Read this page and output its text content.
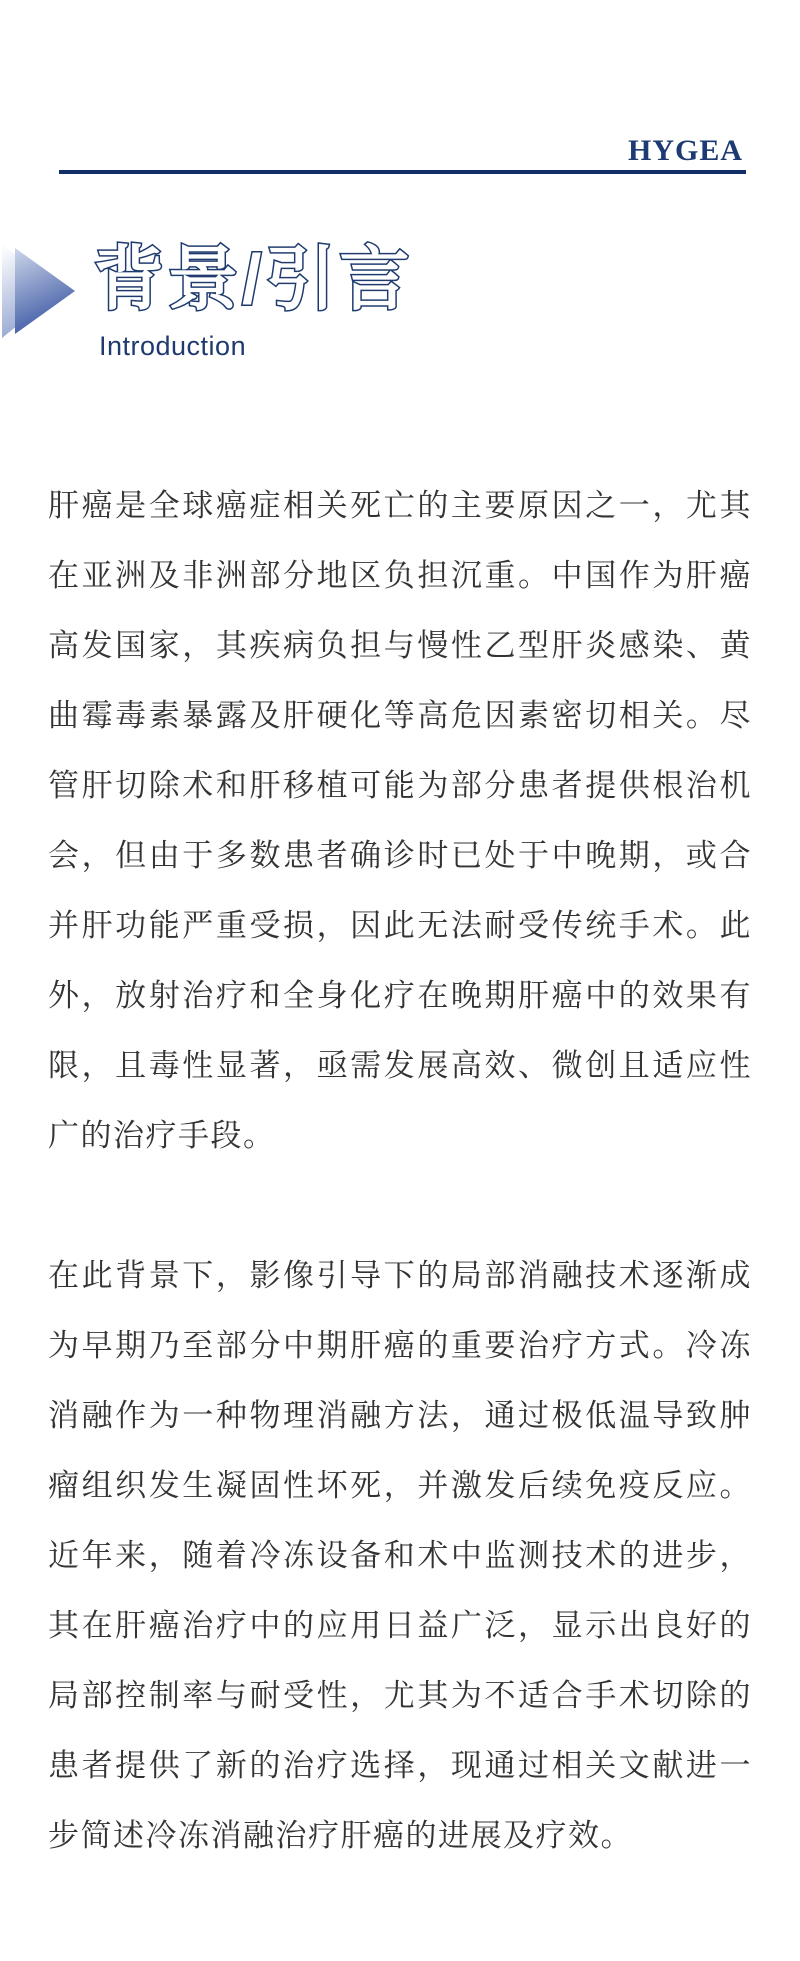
HYGEA
背景/引言
Introduction

肝癌是全球癌症相关死亡的主要原因之一，尤其在亚洲及非洲部分地区负担沉重。中国作为肝癌高发国家，其疾病负担与慢性乙型肝炎感染、黄曲霉毒素暴露及肝硬化等高危因素密切相关。尽管肝切除术和肝移植可能为部分患者提供根治机会，但由于多数患者确诊时已处于中晚期，或合并肝功能严重受损，因此无法耐受传统手术。此外，放射治疗和全身化疗在晚期肝癌中的效果有限，且毒性显著，亟需发展高效、微创且适应性广的治疗手段。

在此背景下，影像引导下的局部消融技术逐渐成为早期乃至部分中期肝癌的重要治疗方式。冷冻消融作为一种物理消融方法，通过极低温导致肿瘤组织发生凝固性坏死，并激发后续免疫反应。近年来，随着冷冻设备和术中监测技术的进步，其在肝癌治疗中的应用日益广泛，显示出良好的局部控制率与耐受性，尤其为不适合手术切除的患者提供了新的治疗选择，现通过相关文献进一步简述冷冻消融治疗肝癌的进展及疗效。
